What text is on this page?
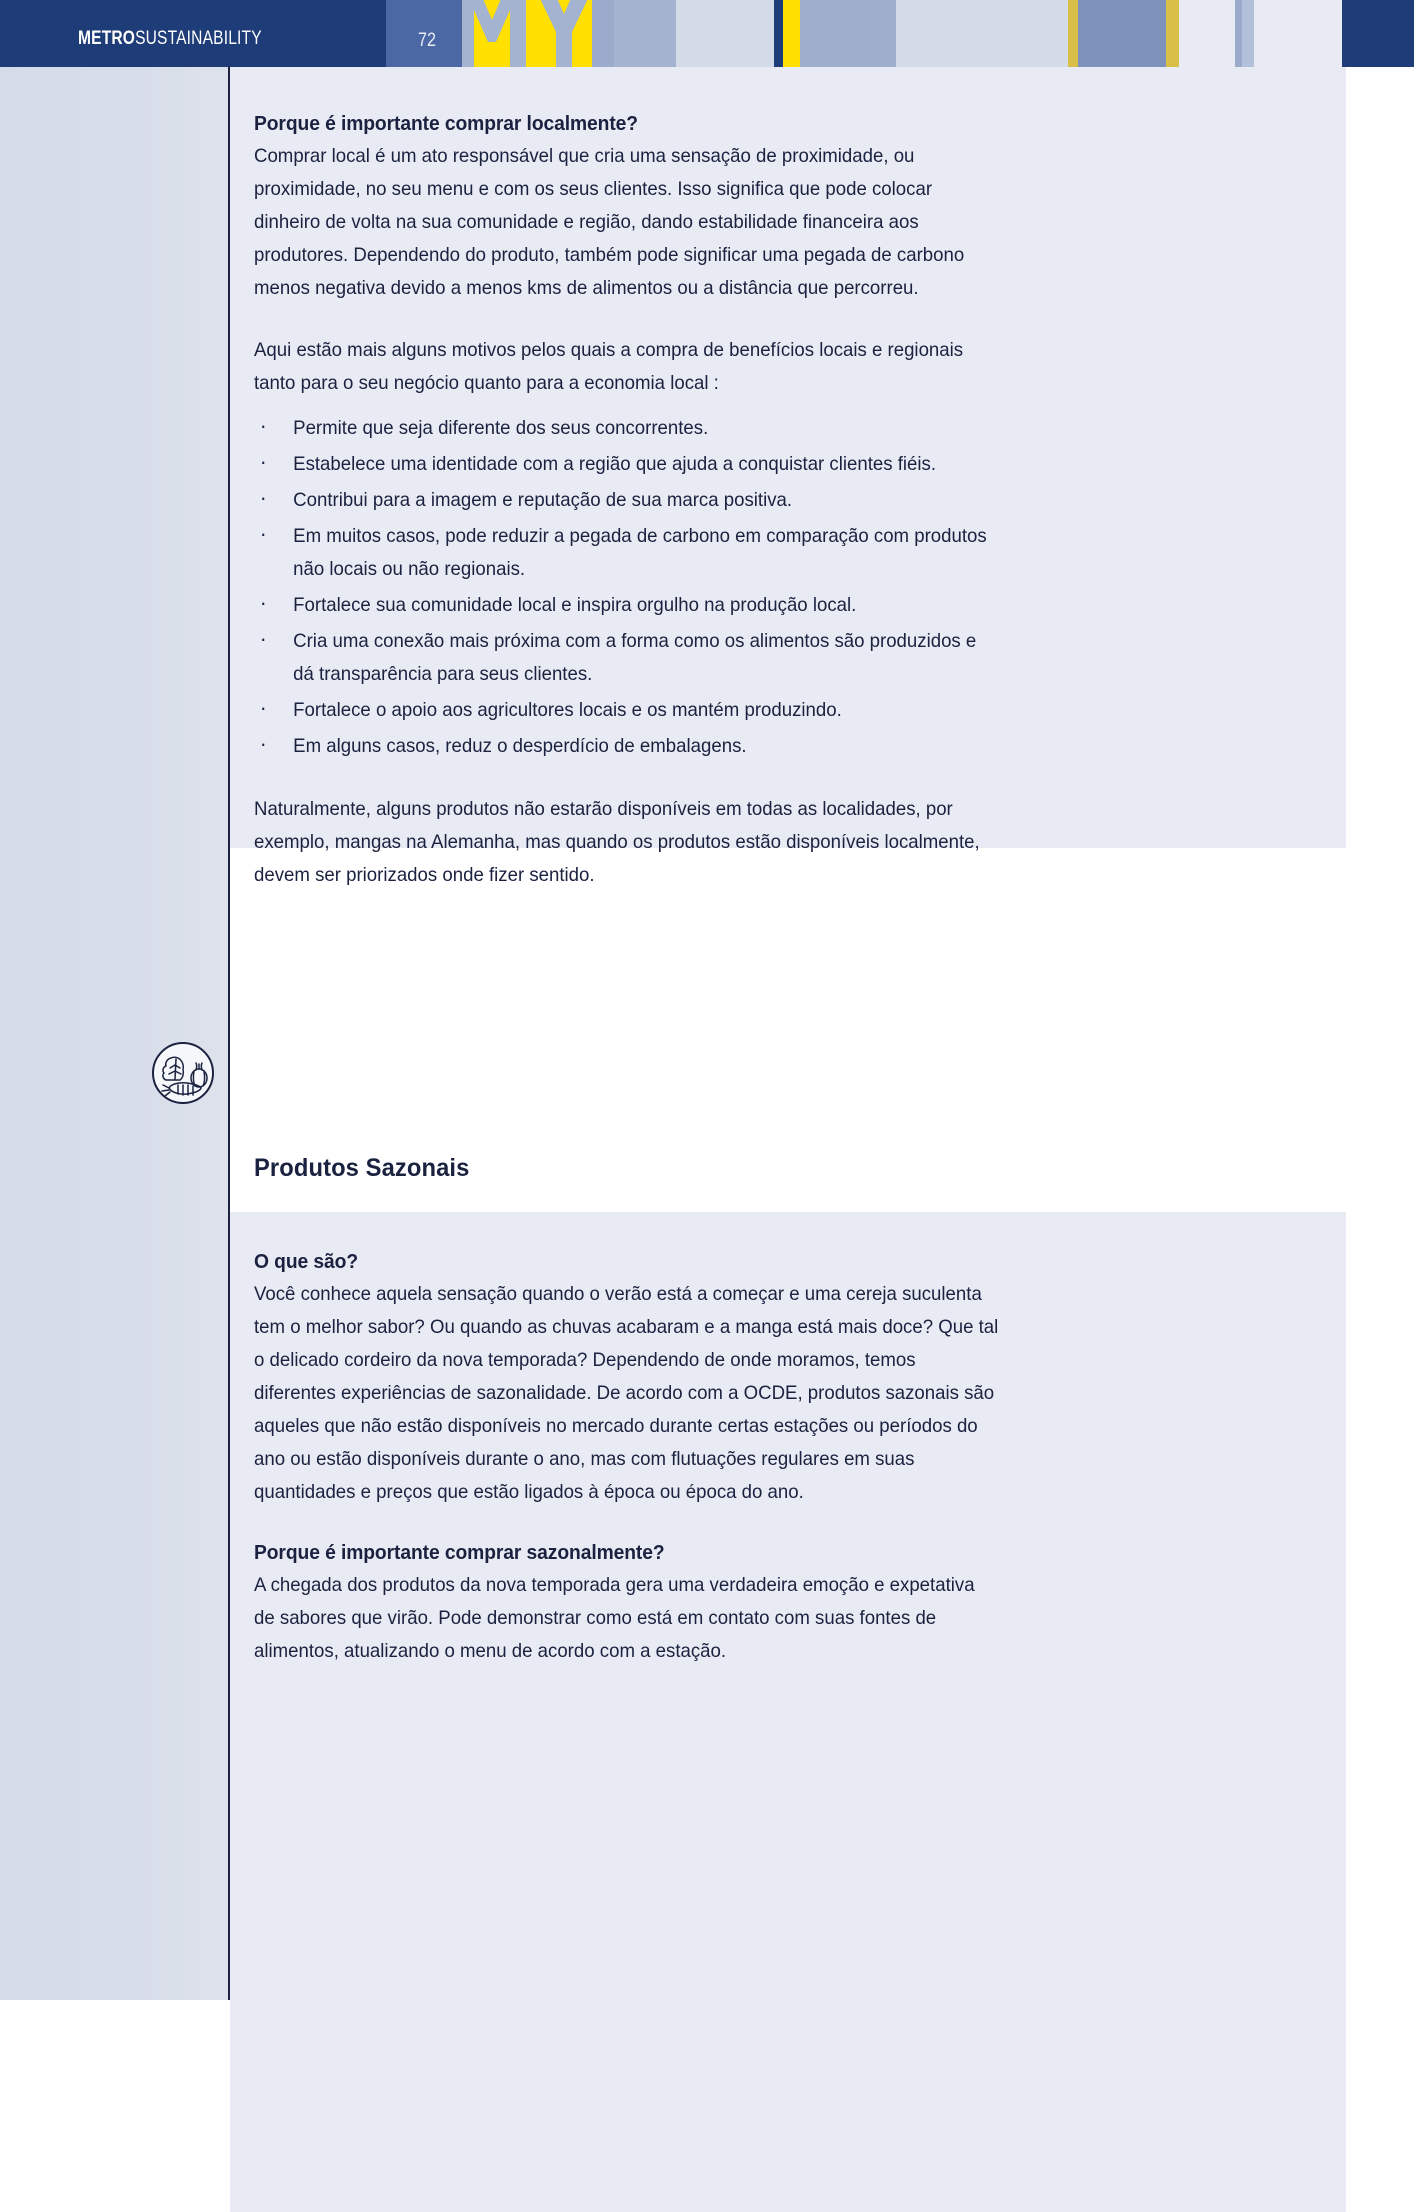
METROSUSTAINABILITY	72
Porque é importante comprar localmente?

Comprar local é um ato responsável que cria uma sensação de proximidade, ou proximidade, no seu menu e com os seus clientes. Isso significa que pode colocar dinheiro de volta na sua comunidade e região, dando estabilidade financeira aos produtores. Dependendo do produto, também pode significar uma pegada de carbono menos negativa devido a menos kms de alimentos ou a distância que percorreu.

Aqui estão mais alguns motivos pelos quais a compra de benefícios locais e regionais tanto para o seu negócio quanto para a economia local :

· Permite que seja diferente dos seus concorrentes.
· Estabelece uma identidade com a região que ajuda a conquistar clientes fiéis.
· Contribui para a imagem e reputação de sua marca positiva.
· Em muitos casos, pode reduzir a pegada de carbono em comparação com produtos não locais ou não regionais.
· Fortalece sua comunidade local e inspira orgulho na produção local.
· Cria uma conexão mais próxima com a forma como os alimentos são produzidos e dá transparência para seus clientes.
· Fortalece o apoio aos agricultores locais e os mantém produzindo.
· Em alguns casos, reduz o desperdício de embalagens.

Naturalmente, alguns produtos não estarão disponíveis em todas as localidades, por exemplo, mangas na Alemanha, mas quando os produtos estão disponíveis localmente, devem ser priorizados onde fizer sentido.

Produtos Sazonais
O que são?

Você conhece aquela sensação quando o verão está a começar e uma cereja suculenta tem o melhor sabor? Ou quando as chuvas acabaram e a manga está mais doce? Que tal o delicado cordeiro da nova temporada? Dependendo de onde moramos, temos diferentes experiências de sazonalidade. De acordo com a OCDE, produtos sazonais são aqueles que não estão disponíveis no mercado durante certas estações ou períodos do ano ou estão disponíveis durante o ano, mas com flutuações regulares em suas quantidades e preços que estão ligados à época ou época do ano.

Porque é importante comprar sazonalmente?

A chegada dos produtos da nova temporada gera uma verdadeira emoção e expetativa de sabores que virão. Pode demonstrar como está em contato com suas fontes de alimentos, atualizando o menu de acordo com a estação.
